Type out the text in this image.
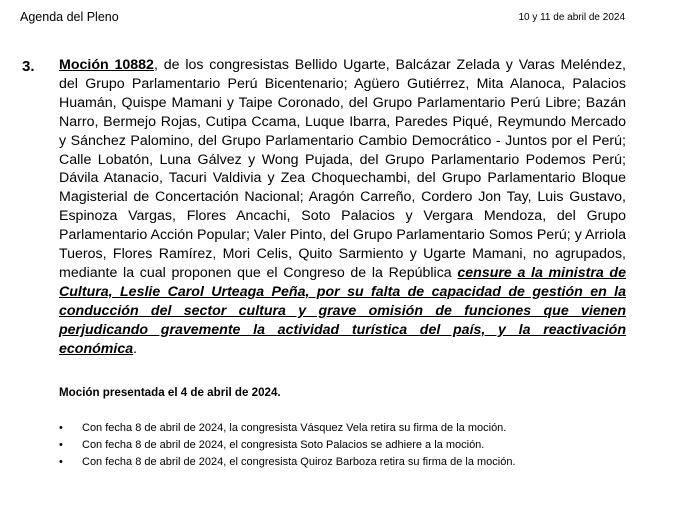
Agenda del Pleno	10 y 11 de abril de 2024
3. Moción 10882, de los congresistas Bellido Ugarte, Balcázar Zelada y Varas Meléndez, del Grupo Parlamentario Perú Bicentenario; Agüero Gutiérrez, Mita Alanoca, Palacios Huamán, Quispe Mamani y Taipe Coronado, del Grupo Parlamentario Perú Libre; Bazán Narro, Bermejo Rojas, Cutipa Ccama, Luque Ibarra, Paredes Piqué, Reymundo Mercado y Sánchez Palomino, del Grupo Parlamentario Cambio Democrático - Juntos por el Perú; Calle Lobatón, Luna Gálvez y Wong Pujada, del Grupo Parlamentario Podemos Perú; Dávila Atanacio, Tacuri Valdivia y Zea Choquechambi, del Grupo Parlamentario Bloque Magisterial de Concertación Nacional; Aragón Carreño, Cordero Jon Tay, Luis Gustavo, Espinoza Vargas, Flores Ancachi, Soto Palacios y Vergara Mendoza, del Grupo Parlamentario Acción Popular; Valer Pinto, del Grupo Parlamentario Somos Perú; y Arriola Tueros, Flores Ramírez, Mori Celis, Quito Sarmiento y Ugarte Mamani, no agrupados, mediante la cual proponen que el Congreso de la República censure a la ministra de Cultura, Leslie Carol Urteaga Peña, por su falta de capacidad de gestión en la conducción del sector cultura y grave omisión de funciones que vienen perjudicando gravemente la actividad turística del país, y la reactivación económica.
Moción presentada el 4 de abril de 2024.
• Con fecha 8 de abril de 2024, la congresista Vásquez Vela retira su firma de la moción.
• Con fecha 8 de abril de 2024, el congresista Soto Palacios se adhiere a la moción.
• Con fecha 8 de abril de 2024, el congresista Quiroz Barboza retira su firma de la moción.
